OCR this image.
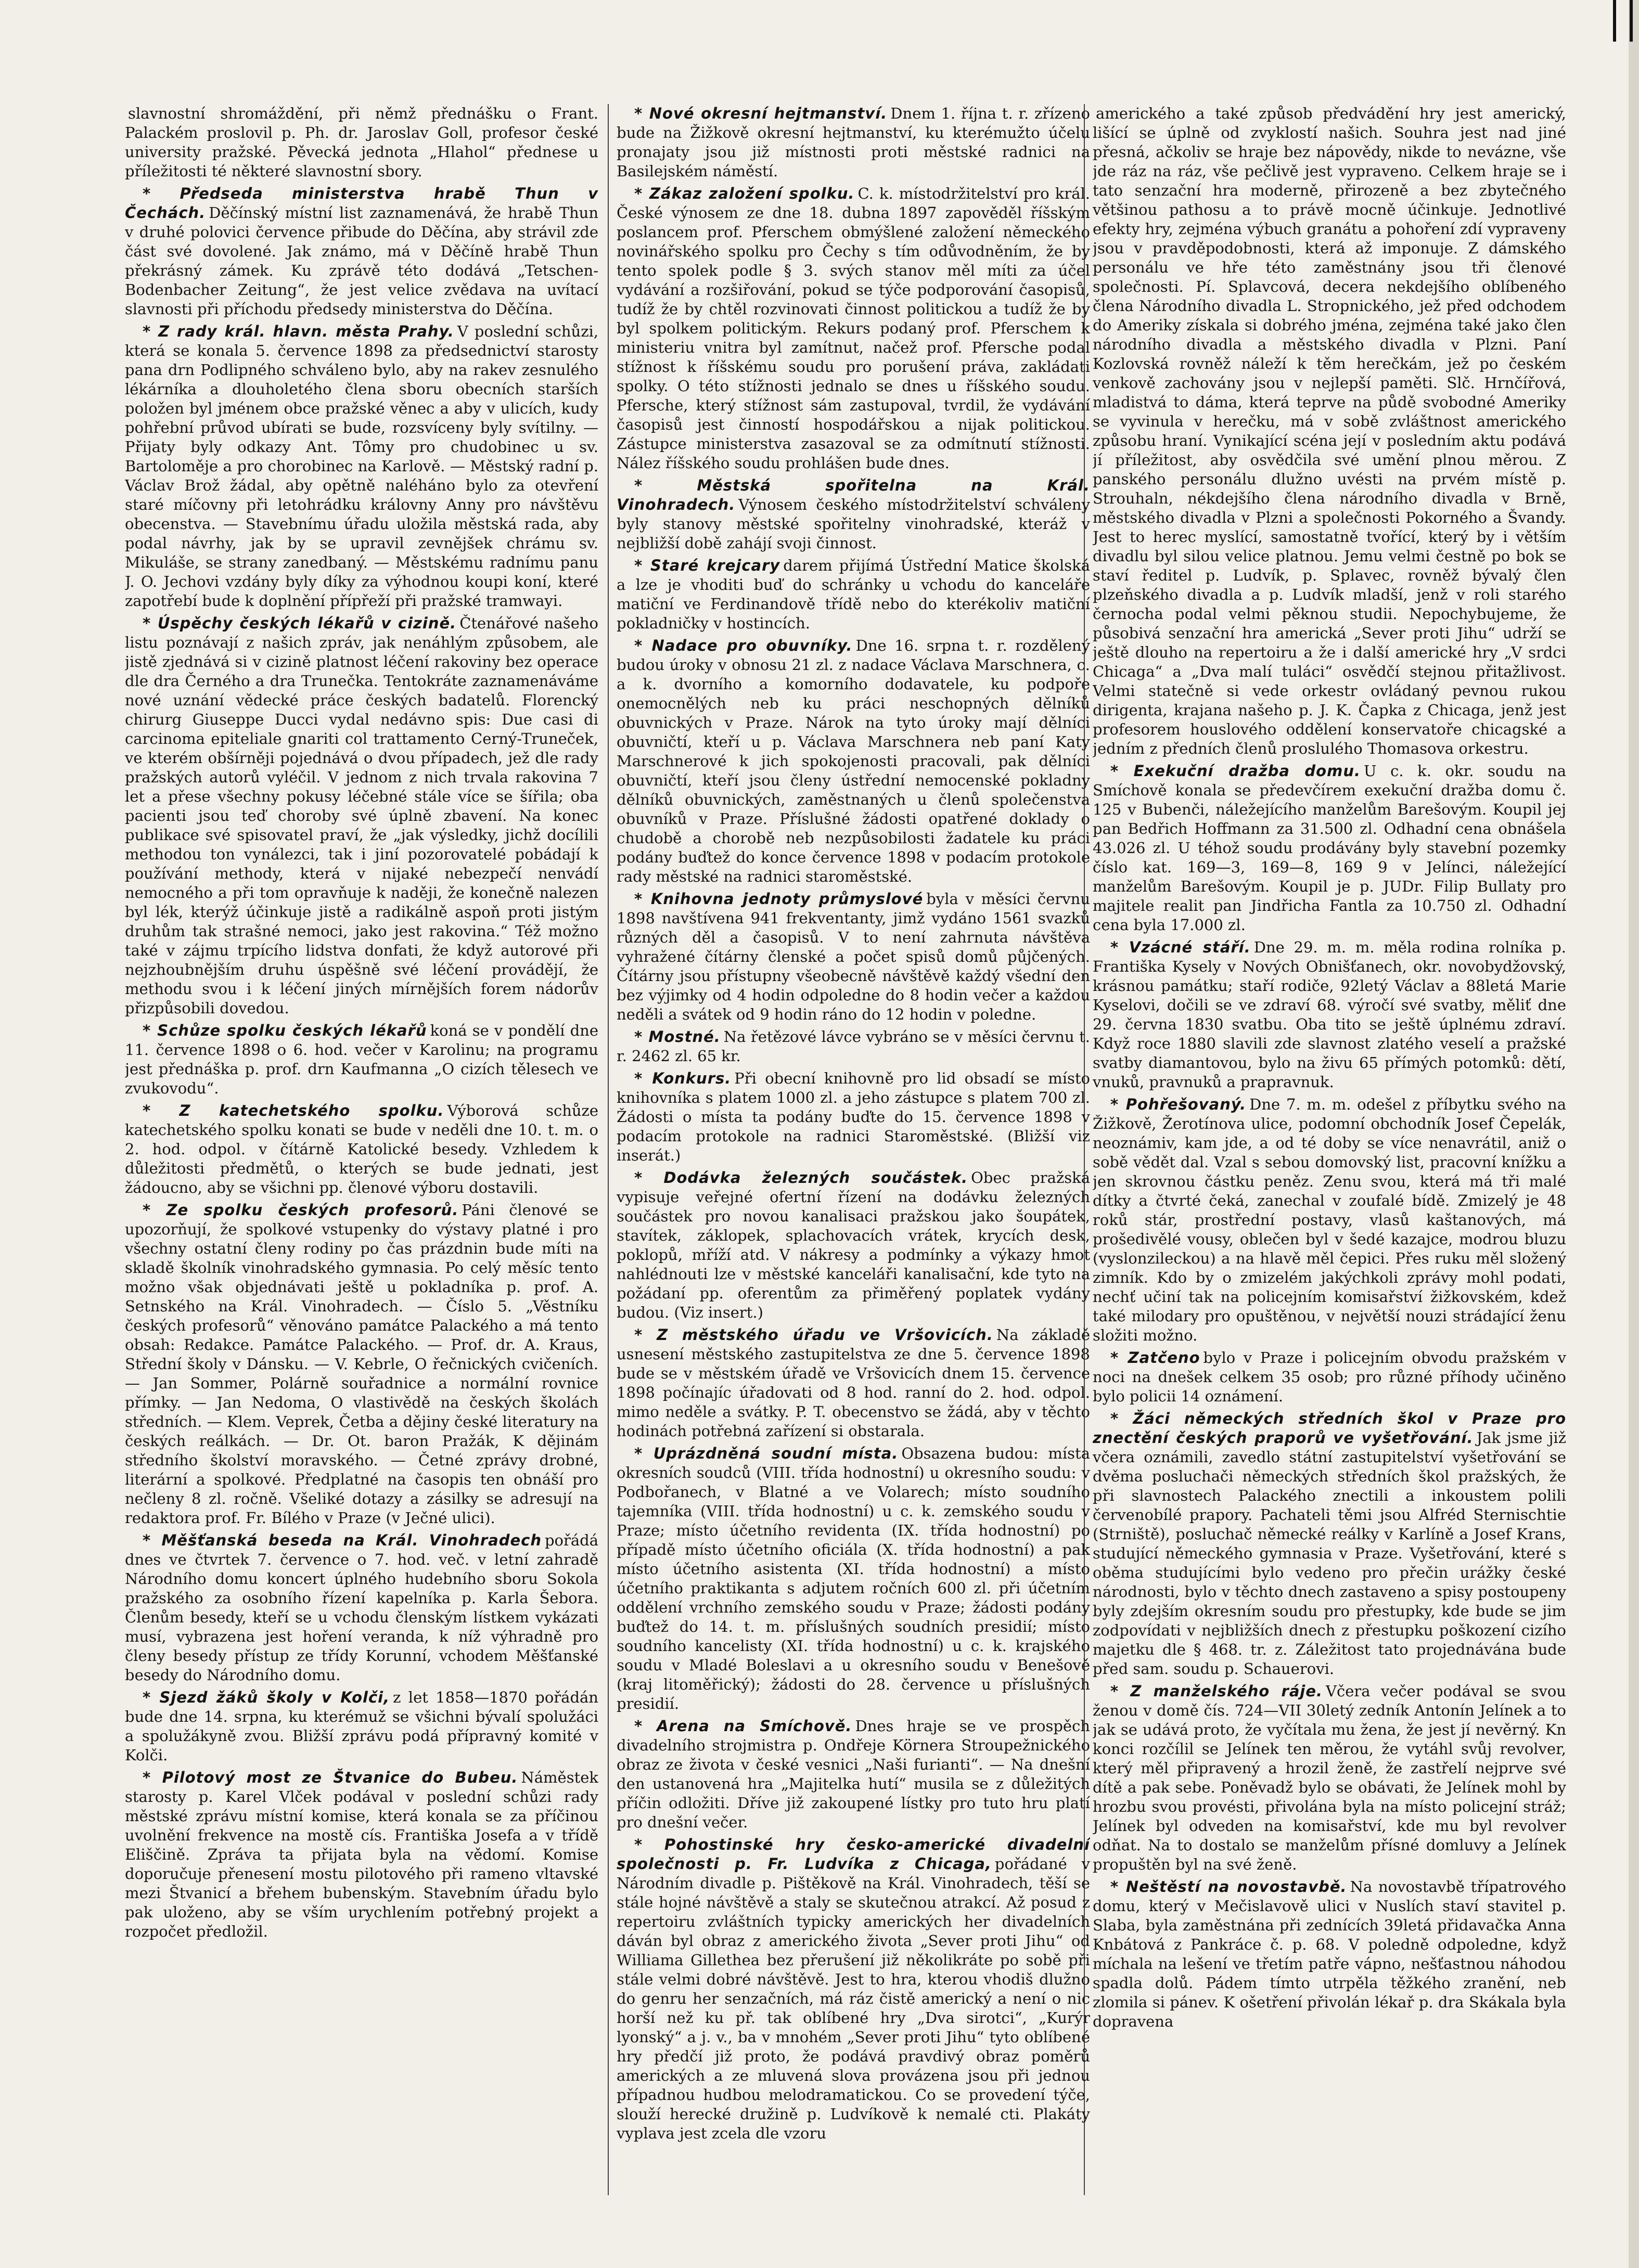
slavnostní shromáždění, při němž přednášku o Frant. Palackém proslovil p. Ph. dr. Jaroslav Goll, profesor české university pražské. Pěvecká jednota „Hlahol“ přednese u příležitosti té některé slavnostní sbory.

* Předseda ministerstva hrabě Thun v Čechách. Děčínský místní list zaznamenává, že hrabě Thun v druhé polovici července přibude do Děčína, aby strávil zde část své dovolené. Jak známo, má v Děčíně hrabě Thun překrásný zámek. Ku zprávě této dodává „Tetschen-Bodenbacher Zeitung“, že jest velice zvědava na uvítací slavnosti při příchodu předsedy ministerstva do Děčína.

* Z rady král. hlavn. města Prahy. V poslední schůzi, která se konala 5. července 1898 za předsednictví starosty pana drn Podlipného schváleno bylo, aby na rakev zesnulého lékárníka a dlouholetého člena sboru obecních starších položen byl jménem obce pražské věnec a aby v ulicích, kudy pohřební průvod ubírati se bude, rozsvíceny byly svítilny. — Přijaty byly odkazy Ant. Tômy pro chudobinec u sv. Bartoloměje a pro chorobinec na Karlově. — Městský radní p. Václav Brož žádal, aby opětně naléháno bylo za otevření staré míčovny při letohrádku královny Anny pro návštěvu obecenstva. — Stavebnímu úřadu uložila městská rada, aby podal návrhy, jak by se upravil zevnějšek chrámu sv. Mikuláše, se strany zanedbaný. — Městskému radnímu panu J. O. Jechovi vzdány byly díky za výhodnou koupi koní, které zapotřebí bude k doplnění přípřeží při pražské tramwayi.

* Úspěchy českých lékařů v cizině. Čtenářové našeho listu poznávají z našich zpráv, jak nenáhlým způsobem, ale jistě zjednává si v cizině platnost léčení rakoviny bez operace dle dra Černého a dra Trunečka. Tentokráte zaznamenáváme nové uznání vědecké práce českých badatelů. Florencký chirurg Giuseppe Ducci vydal nedávno spis: Due casi di carcinoma epiteliale gnariti col trattamento Cerný-Truneček, ve kterém obšírněji pojednává o dvou případech, jež dle rady pražských autorů vyléčil. V jednom z nich trvala rakovina 7 let a přese všechny pokusy léčebné stále více se šířila; oba pacienti jsou teď choroby své úplně zbavení. Na konec publikace své spisovatel praví, že „jak výsledky, jichž docílili methodou ton vynálezci, tak i jiní pozorovatelé pobádají k používání methody, která v nijaké nebezpečí nenvádí nemocného a při tom opravňuje k naději, že konečně nalezen byl lék, kterýž účinkuje jistě a radikálně aspoň proti jistým druhům tak strašné nemoci, jako jest rakovina.“ Též možno také v zájmu trpícího lidstva donfati, že když autorové při nejzhoubnějším druhu úspěšně své léčení provádějí, že methodu svou i k léčení jiných mírnějších forem nádorův přizpůsobili dovedou.

* Schůze spolku českých lékařů koná se v pondělí dne 11. července 1898 o 6. hod. večer v Karolinu; na programu jest přednáška p. prof. drn Kaufmanna „O cizích tělesech ve zvukovodu“.

* Z katechetského spolku. Výborová schůze katechetského spolku konati se bude v neděli dne 10. t. m. o 2. hod. odpol. v čítárně Katolické besedy. Vzhledem k důležitosti předmětů, o kterých se bude jednati, jest žádoucno, aby se všichni pp. členové výboru dostavili.

* Ze spolku českých profesorů. Páni členové se upozorňují, že spolkové vstupenky do výstavy platné i pro všechny ostatní členy rodiny po čas prázdnin bude míti na skladě školník vinohradského gymnasia. Po celý měsíc tento možno však objednávati ještě u pokladníka p. prof. A. Setnského na Král. Vinohradech. — Číslo 5. „Věstníku českých profesorů“ věnováno památce Palackého a má tento obsah: Redakce. Památce Palackého. — Prof. dr. A. Kraus, Střední školy v Dánsku. — V. Kebrle, O řečnických cvičeních. — Jan Sommer, Polárně souřadnice a normální rovnice přímky. — Jan Nedoma, O vlastivědě na českých školách středních. — Klem. Veprek, Četba a dějiny české literatury na českých reálkách. — Dr. Ot. baron Pražák, K dějinám středního školství moravského. — Četné zprávy drobné, literární a spolkové. Předplatné na časopis ten obnáší pro nečleny 8 zl. ročně. Všeliké dotazy a zásilky se adresují na redaktora prof. Fr. Bílého v Praze (v Ječné ulici).

* Měšťanská beseda na Král. Vinohradech pořádá dnes ve čtvrtek 7. července o 7. hod. več. v letní zahradě Národního domu koncert úplného hudebního sboru Sokola pražského za osobního řízení kapelníka p. Karla Šebora. Členům besedy, kteří se u vchodu členským lístkem vykázati musí, vybrazena jest hoření veranda, k níž výhradně pro členy besedy přístup ze třídy Korunní, vchodem Měšťanské besedy do Národního domu.

* Sjezd žáků školy v Kolči, z let 1858—1870 pořádán bude dne 14. srpna, ku kterémuž se všichni bývalí spolužáci a spolužákyně zvou. Bližší zprávu podá přípravný komité v Kolči.

* Pilotový most ze Štvanice do Bubeu. Náměstek starosty p. Karel Vlček podával v poslední schůzi rady městské zprávu místní komise, která konala se za příčinou uvolnění frekvence na mostě cís. Františka Josefa a v třídě Eliščině. Zpráva ta přijata byla na vědomí. Komise doporučuje přenesení mostu pilotového při rameno vltavské mezi Štvanicí a břehem bubenským. Stavebním úřadu bylo pak uloženo, aby se vším urychlením potřebný projekt a rozpočet předložil.

* Nové okresní hejtmanství. Dnem 1. října t. r. zřízeno bude na Žižkově okresní hejtmanství, ku kterémužto účelu pronajaty jsou již místnosti proti městské radnici na Basilejském náměstí.

* Zákaz založení spolku. C. k. místodržitelství pro král. České výnosem ze dne 18. dubna 1897 zapověděl říšským poslancem prof. Pferschem obmýšlené založení německého novinářského spolku pro Čechy s tím odůvodněním, že by tento spolek podle § 3. svých stanov měl míti za účel vydávání a rozšiřování, pokud se týče podporování časopisů, tudíž že by chtěl rozvinovati činnost politickou a tudíž že by byl spolkem politickým. Rekurs podaný prof. Pferschem k ministeriu vnitra byl zamítnut, načež prof. Pfersche podal stížnost k říšskému soudu pro porušení práva, zakládati spolky. O této stížnosti jednalo se dnes u říšského soudu. Pfersche, který stížnost sám zastupoval, tvrdil, že vydávání časopisů jest činností hospodářskou a nijak politickou. Zástupce ministerstva zasazoval se za odmítnutí stížnosti. Nález říšského soudu prohlášen bude dnes.

* Městská spořitelna na Král. Vinohradech. Výnosem českého místodržitelství schváleny byly stanovy městské spořitelny vinohradské, kteráž v nejbližší době zahájí svoji činnost.

* Staré krejcary darem přijímá Ústřední Matice školská a lze je vhoditi buď do schránky u vchodu do kanceláře matiční ve Ferdinandově třídě nebo do kterékoliv matiční pokladničky v hostincích.

* Nadace pro obuvníky. Dne 16. srpna t. r. rozdělený budou úroky v obnosu 21 zl. z nadace Václava Marschnera, c. a k. dvorního a komorního dodavatele, ku podpoře onemocnělých neb ku práci neschopných dělníků obuvnických v Praze. Nárok na tyto úroky mají dělníci obuvničtí, kteří u p. Václava Marschnera neb paní Katy Marschnerové k jich spokojenosti pracovali, pak dělníci obuvničtí, kteří jsou členy ústřední nemocenské pokladny dělníků obuvnických, zaměstnaných u členů společenstva obuvníků v Praze. Příslušné žádosti opatřené doklady o chudobě a chorobě neb nezpůsobilosti žadatele ku práci podány buďtež do konce července 1898 v podacím protokole rady městské na radnici staroměstské.

* Knihovna jednoty průmyslové byla v měsíci červnu 1898 navštívena 941 frekventanty, jimž vydáno 1561 svazků různých děl a časopisů. V to není zahrnuta návštěva vyhražené čítárny členské a počet spisů domů půjčených. Čítárny jsou přístupny všeobecně návštěvě každý všední den bez výjimky od 4 hodin odpoledne do 8 hodin večer a každou neděli a svátek od 9 hodin ráno do 12 hodin v poledne.

* Mostné. Na řetězové lávce vybráno se v měsíci červnu t. r. 2462 zl. 65 kr.

* Konkurs. Při obecní knihovně pro lid obsadí se místo knihovníka s platem 1000 zl. a jeho zástupce s platem 700 zl. Žádosti o místa ta podány buďte do 15. července 1898 v podacím protokole na radnici Staroměstské. (Bližší viz inserát.)

* Dodávka železných součástek. Obec pražská vypisuje veřejné ofertní řízení na dodávku železných součástek pro novou kanalisaci pražskou jako šoupátek, stavítek, záklopek, splachovacích vrátek, krycích desk, poklopů, mříží atd. V nákresy a podmínky a výkazy hmot nahlédnouti lze v městské kanceláři kanalisační, kde tyto na požádaní pp. oferentům za přiměřený poplatek vydány budou. (Viz insert.)

* Z městského úřadu ve Vršovicích. Na základě usnesení městského zastupitelstva ze dne 5. července 1898 bude se v městském úřadě ve Vršovicích dnem 15. července 1898 počínajíc úřadovati od 8 hod. ranní do 2. hod. odpol. mimo neděle a svátky. P. T. obecenstvo se žádá, aby v těchto hodinách potřebná zařízení si obstarala.

* Uprázdněná soudní místa. Obsazena budou: místa okresních soudců (VIII. třída hodnostní) u okresního soudu: v Podbořanech, v Blatné a ve Volarech; místo soudního tajemníka (VIII. třída hodnostní) u c. k. zemského soudu v Praze; místo účetního revidenta (IX. třída hodnostní) po případě místo účetního oficiála (X. třída hodnostní) a pak místo účetního asistenta (XI. třída hodnostní) a místo účetního praktikanta s adjutem ročních 600 zl. při účetním oddělení vrchního zemského soudu v Praze; žádosti podány buďtež do 14. t. m. příslušných soudních presidií; místo soudního kancelisty (XI. třída hodnostní) u c. k. krajského soudu v Mladé Boleslavi a u okresního soudu v Benešově (kraj litoměřický); žádosti do 28. července u příslušných presidií.

* Arena na Smíchově. Dnes hraje se ve prospěch divadelního strojmistra p. Ondřeje Körnera Stroupežnického obraz ze života v české vesnici „Naši furianti“. — Na dnešní den ustanovená hra „Majitelka hutí“ musila se z důležitých příčin odložiti. Dříve již zakoupené lístky pro tuto hru platí pro dnešní večer.

* Pohostinské hry česko-americké divadelní společnosti p. Fr. Ludvíka z Chicaga, pořádané v Národním divadle p. Pištěkově na Král. Vinohradech, těší se stále hojné návštěvě a staly se skutečnou atrakcí. Až posud z repertoiru zvláštních typicky amerických her divadelních dáván byl obraz z amerického života „Sever proti Jihu“ od Williama Gillethea bez přerušení již několikráte po sobě při stále velmi dobré návštěvě. Jest to hra, kterou vhodiš dlužno do genru her senzačních, má ráz čistě americký a není o nic horší než ku př. tak oblíbené hry „Dva sirotci“, „Kurýr lyonský“ a j. v., ba v mnohém „Sever proti Jihu“ tyto oblíbené hry předčí již proto, že podává pravdivý obraz poměrů amerických a ze mluvená slova provázena jsou při jednou případnou hudbou melodramatickou. Co se provedení týče, slouží herecké družině p. Ludvíkově k nemalé cti. Plakáty vyplava jest zcela dle vzoru

amerického a také způsob předvádění hry jest americký, lišící se úplně od zvyklostí našich. Souhra jest nad jiné přesná, ačkoliv se hraje bez nápovědy, nikde to nevázne, vše jde ráz na ráz, vše pečlivě jest vypraveno. Celkem hraje se i tato senzační hra moderně, přirozeně a bez zbytečného většinou pathosu a to právě mocně účinkuje. Jednotlivé efekty hry, zejména výbuch granátu a pohoření zdí vypraveny jsou v pravděpodobnosti, která až imponuje. Z dámského personálu ve hře této zaměstnány jsou tři členové společnosti. Pí. Splavcová, decera nekdejšího oblíbeného člena Národního divadla L. Stropnického, jež před odchodem do Ameriky získala si dobrého jména, zejména také jako člen národního divadla a městského divadla v Plzni. Paní Kozlovská rovněž náleží k těm herečkám, jež po českém venkově zachovány jsou v nejlepší paměti. Slč. Hrnčířová, mladistvá to dáma, která teprve na půdě svobodné Ameriky se vyvinula v herečku, má v sobě zvláštnost amerického způsobu hraní. Vynikající scéna její v posledním aktu podává jí příležitost, aby osvědčila své umění plnou měrou. Z panského personálu dlužno uvésti na prvém místě p. Strouhaln, nékdejšího člena národního divadla v Brně, městského divadla v Plzni a společnosti Pokorného a Švandy. Jest to herec myslící, samostatně tvořící, který by i větším divadlu byl silou velice platnou. Jemu velmi čestně po bok se staví ředitel p. Ludvík, p. Splavec, rovněž bývalý člen plzeňského divadla a p. Ludvík mladší, jenž v roli starého černocha podal velmi pěknou studii. Nepochybujeme, že působivá senzační hra americká „Sever proti Jihu“ udrží se ještě dlouho na repertoiru a že i další americké hry „V srdci Chicaga“ a „Dva malí tuláci“ osvědčí stejnou přitažlivost. Velmi statečně si vede orkestr ovládaný pevnou rukou dirigenta, krajana našeho p. J. K. Čapka z Chicaga, jenž jest profesorem houslového oddělení konservatoře chicagské a jedním z předních členů proslulého Thomasova orkestru.

* Exekuční dražba domu. U c. k. okr. soudu na Smíchově konala se předevčírem exekuční dražba domu č. 125 v Bubenči, náležejícího manželům Barešovým. Koupil jej pan Bedřich Hoffmann za 31.500 zl. Odhadní cena obnášela 43.026 zl. U téhož soudu prodávány byly stavební pozemky číslo kat. 169—3, 169—8, 169 9 v Jelínci, náležející manželům Barešovým. Koupil je p. JUDr. Filip Bullaty pro majitele realit pan Jindřicha Fantla za 10.750 zl. Odhadní cena byla 17.000 zl.

* Vzácné stáří. Dne 29. m. m. měla rodina rolníka p. Františka Kysely v Nových Obnišťanech, okr. novobydžovský, krásnou památku; staří rodiče, 92letý Václav a 88letá Marie Kyselovi, dočili se ve zdraví 68. výročí své svatby, měliť dne 29. června 1830 svatbu. Oba tito se ještě úplnému zdraví. Když roce 1880 slavili zde slavnost zlatého veselí a pražské svatby diamantovou, bylo na živu 65 přímých potomků: dětí, vnuků, pravnuků a prapravnuk.

* Pohřešovaný. Dne 7. m. m. odešel z příbytku svého na Žižkově, Žerotínova ulice, podomní obchodník Josef Čepelák, neoznámiv, kam jde, a od té doby se více nenavrátil, aniž o sobě vědět dal. Vzal s sebou domovský list, pracovní knížku a jen skrovnou částku peněz. Zenu svou, která má tři malé dítky a čtvrté čeká, zanechal v zoufalé bídě. Zmizelý je 48 roků stár, prostřední postavy, vlasů kaštanových, má prošedivělé vousy, oblečen byl v šedé kazajce, modrou bluzu (vyslonzileckou) a na hlavě měl čepici. Přes ruku měl složený zimník. Kdo by o zmizelém jakýchkoli zprávy mohl podati, nechť učiní tak na policejním komisařství žižkovském, kdež také milodary pro opuštěnou, v největší nouzi strádající ženu složiti možno.

* Zatčeno bylo v Praze i policejním obvodu pražském v noci na dnešek celkem 35 osob; pro různé příhody učiněno bylo policii 14 oznámení.

* Žáci německých středních škol v Praze pro znectění českých praporů ve vyšetřování. Jak jsme již včera oznámili, zavedlo státní zastupitelství vyšetřování se dvěma posluchači německých středních škol pražských, že při slavnostech Palackého znectili a inkoustem polili červenobílé prapory. Pachateli těmi jsou Alfréd Sternischtie (Strniště), posluchač německé reálky v Karlíně a Josef Krans, studující německého gymnasia v Praze. Vyšetřování, které s oběma studujícími bylo vedeno pro přečin urážky české národnosti, bylo v těchto dnech zastaveno a spisy postoupeny byly zdejším okresním soudu pro přestupky, kde bude se jim zodpovídati v nejbližších dnech z přestupku poškození cizího majetku dle § 468. tr. z. Záležitost tato projednávána bude před sam. soudu p. Schauerovi.

* Z manželského ráje. Včera večer podával se svou ženou v domě čís. 724—VII 30letý zedník Antonín Jelínek a to jak se udává proto, že vyčítala mu žena, že jest jí nevěrný. Kn konci rozčílil se Jelínek ten měrou, že vytáhl svůj revolver, který měl připravený a hrozil ženě, že zastřelí nejprve své dítě a pak sebe. Poněvadž bylo se obávati, že Jelínek mohl by hrozbu svou provésti, přivolána byla na místo policejní stráž; Jelínek byl odveden na komisařství, kde mu byl revolver odňat. Na to dostalo se manželům přísné domluvy a Jelínek propuštěn byl na své ženě.

* Neštěstí na novostavbě. Na novostavbě třípatrového domu, který v Mečislavově ulici v Nuslích staví stavitel p. Slaba, byla zaměstnána při zednících 39letá přidavačka Anna Knbátová z Pankráce č. p. 68. V poledně odpoledne, když míchala na lešení ve třetím patře vápno, nešťastnou náhodou spadla dolů. Pádem tímto utrpěla těžkého zranění, neb zlomila si pánev. K ošetření přivolán lékař p. dra Skákala byla dopravena
